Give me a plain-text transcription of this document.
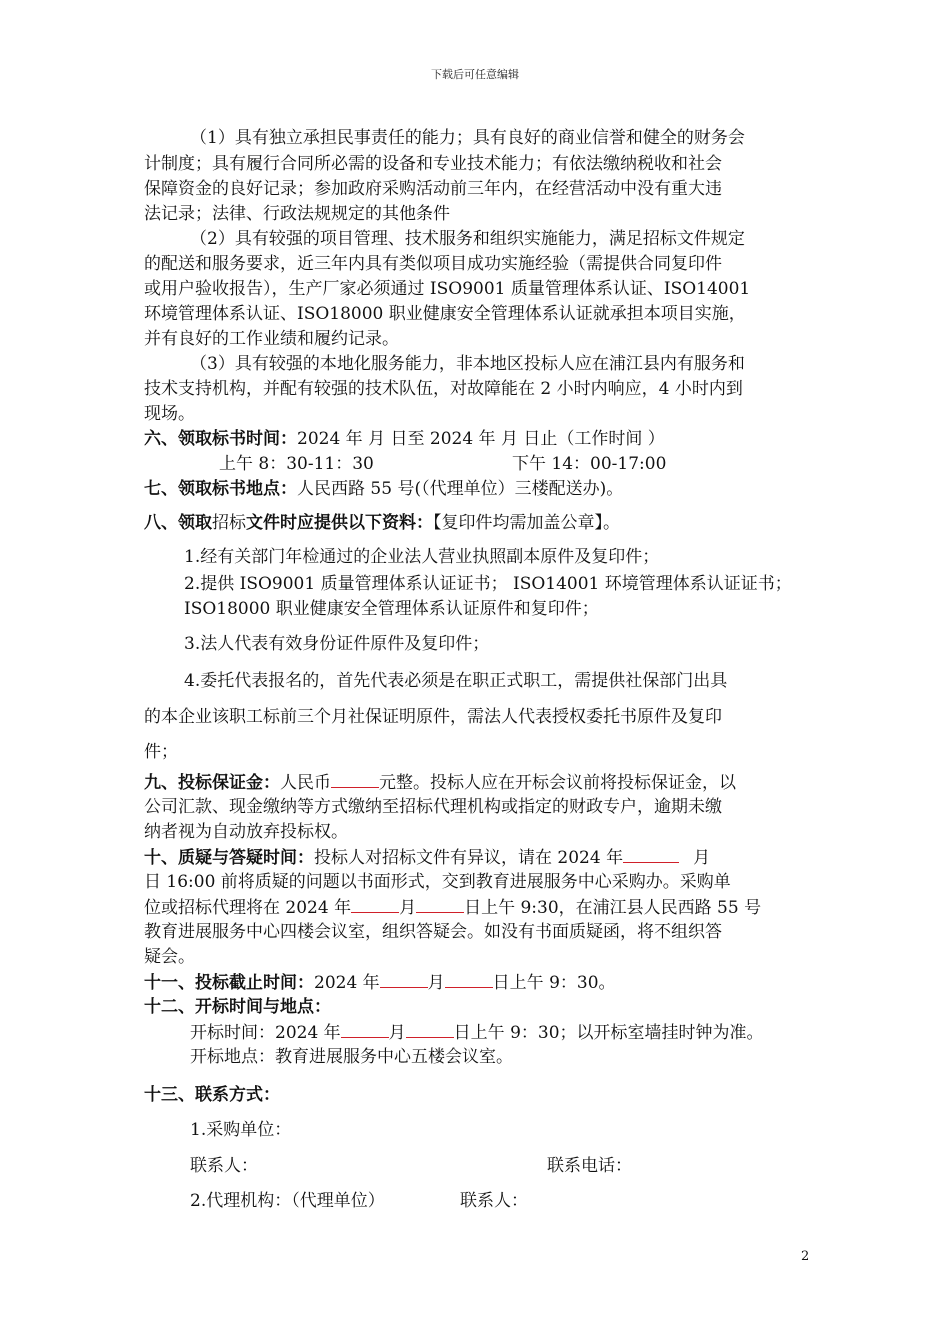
下载后可任意编辑
（1）具有独立承担民事责任的能力；具有良好的商业信誉和健全的财务会
计制度；具有履行合同所必需的设备和专业技术能力；有依法缴纳税收和社会
保障资金的良好记录；参加政府采购活动前三年内，在经营活动中没有重大违
法记录；法律、行政法规规定的其他条件
（2）具有较强的项目管理、技术服务和组织实施能力，满足招标文件规定
的配送和服务要求，近三年内具有类似项目成功实施经验（需提供合同复印件
或用户验收报告），生产厂家必须通过 ISO9001 质量管理体系认证、ISO14001
环境管理体系认证、ISO18000 职业健康安全管理体系认证就承担本项目实施，
并有良好的工作业绩和履约记录。
（3）具有较强的本地化服务能力，非本地区投标人应在浦江县内有服务和
技术支持机构，并配有较强的技术队伍，对故障能在 2 小时内响应，4 小时内到
现场。
六、领取标书时间：2024 年 月 日至 2024 年 月 日止（工作时间 ）
上午 8：30-11：30	下午 14：00-17:00
七、领取标书地点：人民西路 55 号(（代理单位）三楼配送办)。
八、领取招标文件时应提供以下资料：【复印件均需加盖公章】。
1.经有关部门年检通过的企业法人营业执照副本原件及复印件；
2.提供 ISO9001 质量管理体系认证证书； ISO14001 环境管理体系认证证书；
ISO18000 职业健康安全管理体系认证原件和复印件；
3.法人代表有效身份证件原件及复印件；
4.委托代表报名的，首先代表必须是在职正式职工，需提供社保部门出具
的本企业该职工标前三个月社保证明原件，需法人代表授权委托书原件及复印
件；
九、投标保证金：人民币	元整。投标人应在开标会议前将投标保证金，以
公司汇款、现金缴纳等方式缴纳至招标代理机构或指定的财政专户，逾期未缴
纳者视为自动放弃投标权。
十、质疑与答疑时间：投标人对招标文件有异议，请在 2024 年	月
日 16:00 前将质疑的问题以书面形式，交到教育进展服务中心采购办。采购单
位或招标代理将在 2024 年	月	日上午 9:30，在浦江县人民西路 55 号
教育进展服务中心四楼会议室，组织答疑会。如没有书面质疑函，将不组织答
疑会。
十一、投标截止时间：2024 年	月	日上午 9：30。
十二、开标时间与地点：
开标时间：2024 年	月	日上午 9：30；以开标室墙挂时钟为准。
开标地点：教育进展服务中心五楼会议室。
十三、联系方式：
1.采购单位：
联系人：	联系电话：
2.代理机构：（代理单位）	联系人：
2
